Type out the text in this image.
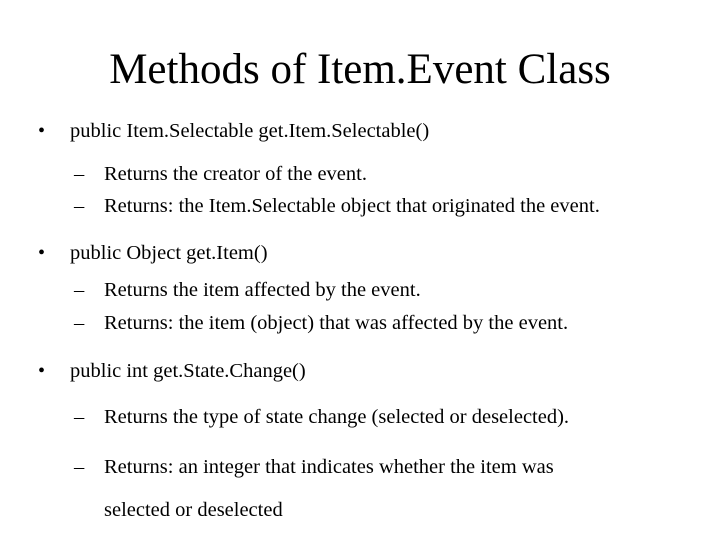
Methods of Item.Event Class
• public Item.Selectable get.Item.Selectable()
– Returns the creator of the event.
– Returns: the Item.Selectable object that originated the event.
• public Object get.Item()
– Returns the item affected by the event.
– Returns: the item (object) that was affected by the event.
• public int get.State.Change()
– Returns the type of state change (selected or deselected).
– Returns: an integer that indicates whether the item was
selected or deselected
